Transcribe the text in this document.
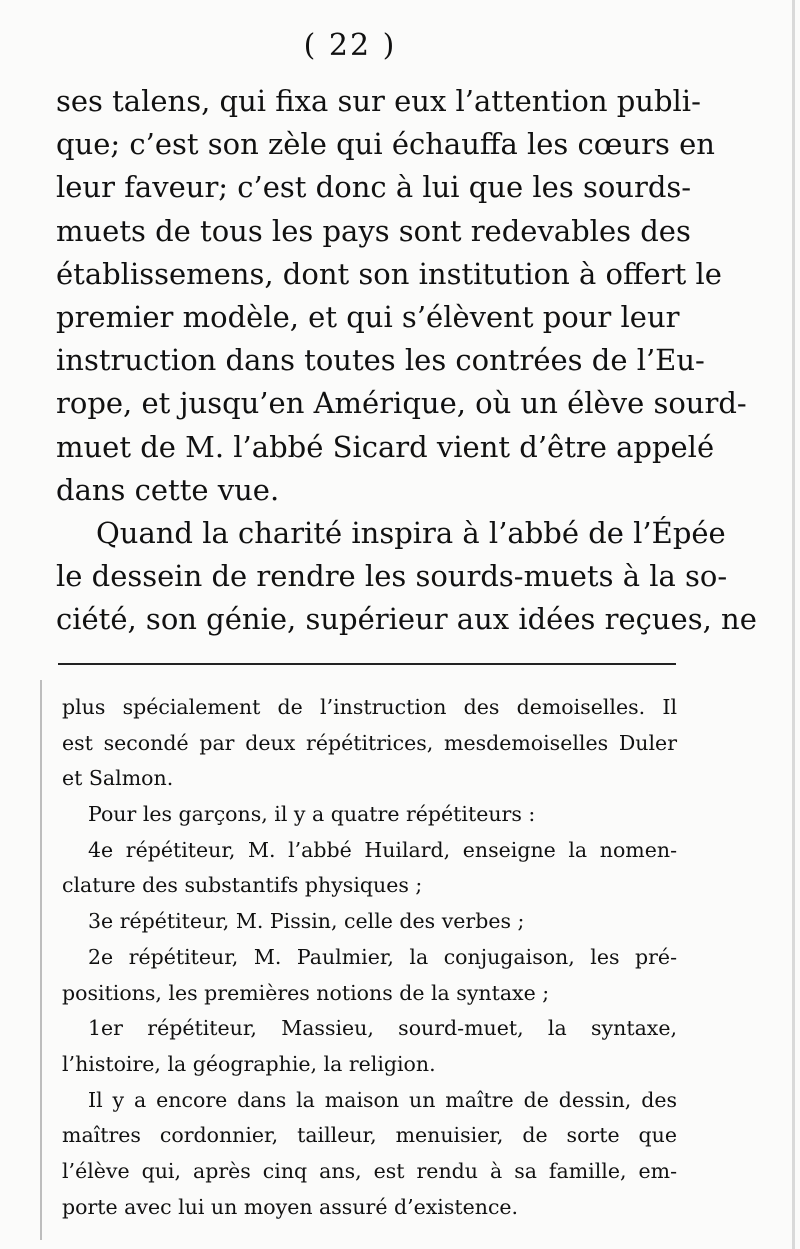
( 22 )
ses talens, qui fixa sur eux l’attention publi-
que; c’est son zèle qui échauffa les cœurs en
leur faveur; c’est donc à lui que les sourds-
muets de tous les pays sont redevables des
établissemens, dont son institution à offert le
premier modèle, et qui s’élèvent pour leur
instruction dans toutes les contrées de l’Eu-
rope, et jusqu’en Amérique, où un élève sourd-
muet de M. l’abbé Sicard vient d’être appelé
dans cette vue.
Quand la charité inspira à l’abbé de l’Épée
le dessein de rendre les sourds-muets à la so-
ciété, son génie, supérieur aux idées reçues, ne
plus spécialement de l’instruction des demoiselles. Il
est secondé par deux répétitrices, mesdemoiselles Duler
et Salmon.
Pour les garçons, il y a quatre répétiteurs :
4e répétiteur, M. l’abbé Huilard, enseigne la nomen-
clature des substantifs physiques ;
3e répétiteur, M. Pissin, celle des verbes ;
2e répétiteur, M. Paulmier, la conjugaison, les pré-
positions, les premières notions de la syntaxe ;
1er répétiteur, Massieu, sourd-muet, la syntaxe,
l’histoire, la géographie, la religion.
Il y a encore dans la maison un maître de dessin, des
maîtres cordonnier, tailleur, menuisier, de sorte que
l’élève qui, après cinq ans, est rendu à sa famille, em-
porte avec lui un moyen assuré d’existence.
